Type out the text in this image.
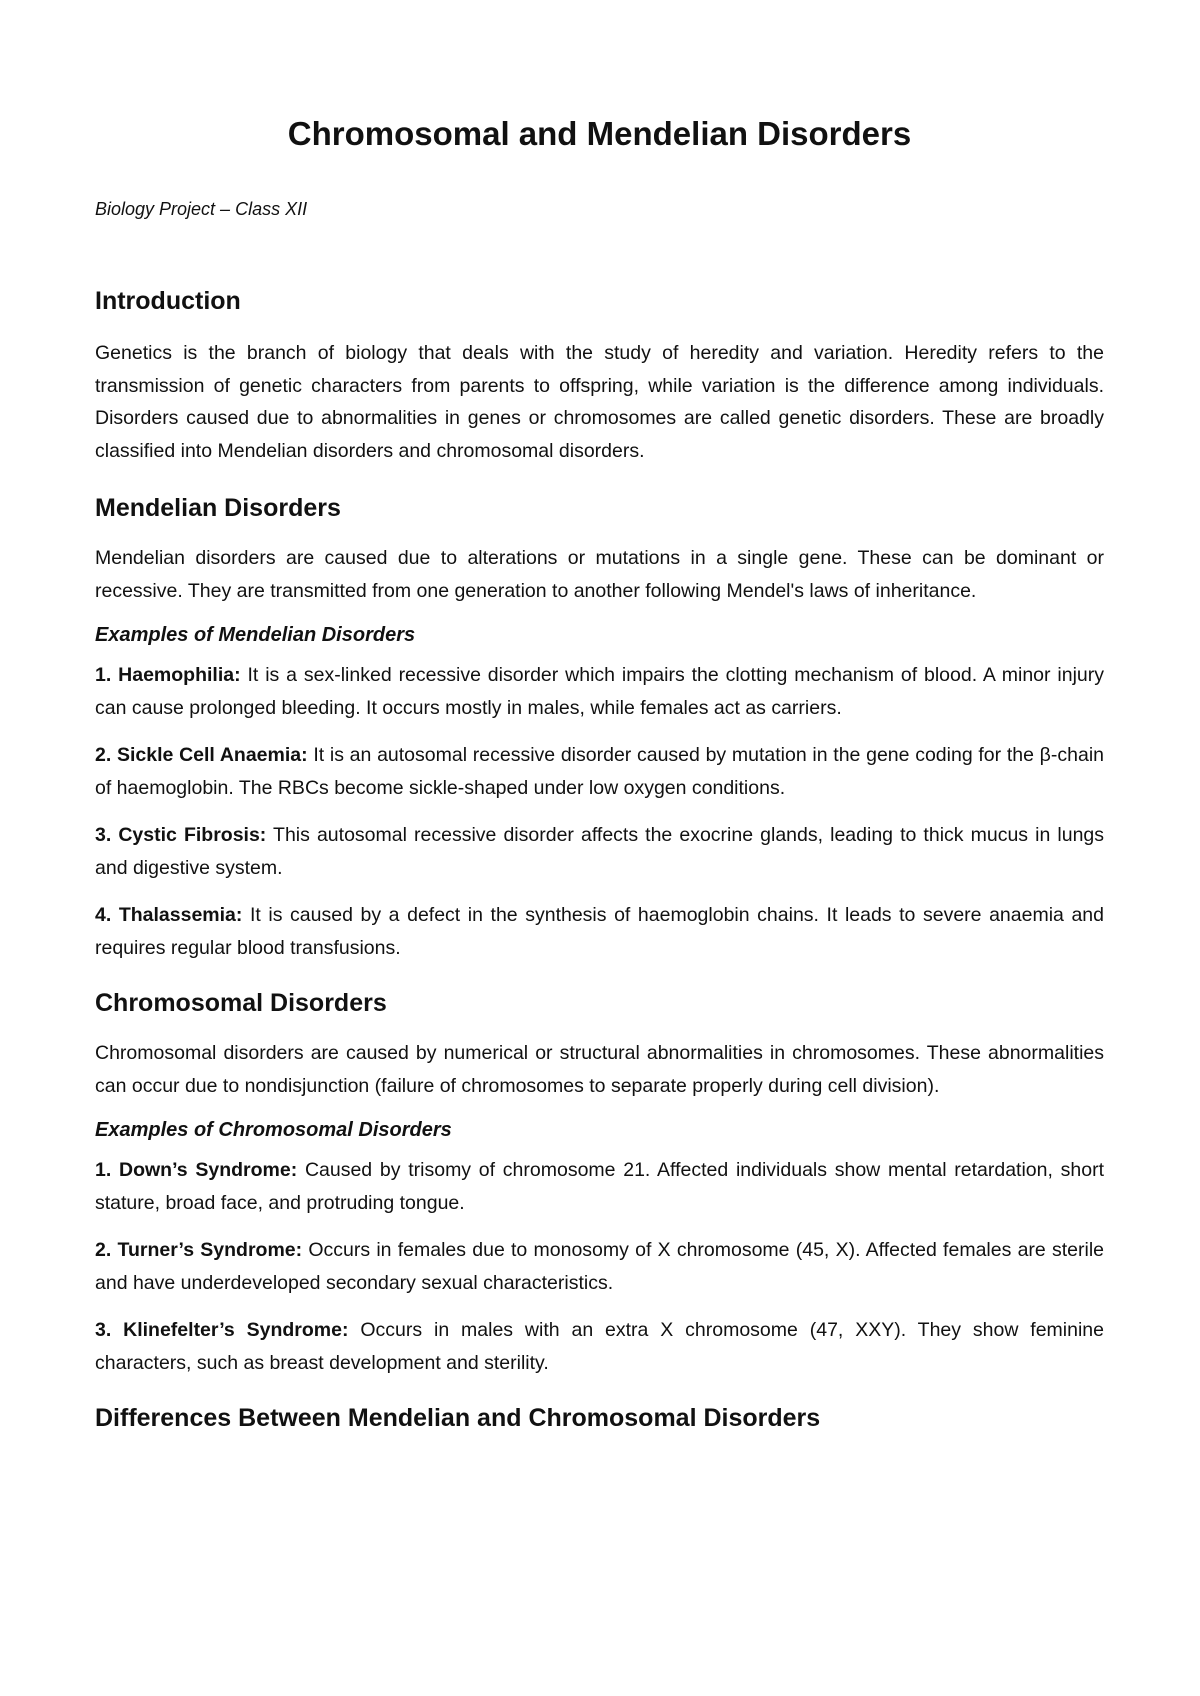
Chromosomal and Mendelian Disorders
Biology Project – Class XII
Introduction

Genetics is the branch of biology that deals with the study of heredity and variation. Heredity refers to the transmission of genetic characters from parents to offspring, while variation is the difference among individuals. Disorders caused due to abnormalities in genes or chromosomes are called genetic disorders. These are broadly classified into Mendelian disorders and chromosomal disorders.

Mendelian Disorders

Mendelian disorders are caused due to alterations or mutations in a single gene. These can be dominant or recessive. They are transmitted from one generation to another following Mendel's laws of inheritance.

Examples of Mendelian Disorders

1. Haemophilia: It is a sex-linked recessive disorder which impairs the clotting mechanism of blood. A minor injury can cause prolonged bleeding. It occurs mostly in males, while females act as carriers.

2. Sickle Cell Anaemia: It is an autosomal recessive disorder caused by mutation in the gene coding for the β-chain of haemoglobin. The RBCs become sickle-shaped under low oxygen conditions.

3. Cystic Fibrosis: This autosomal recessive disorder affects the exocrine glands, leading to thick mucus in lungs and digestive system.

4. Thalassemia: It is caused by a defect in the synthesis of haemoglobin chains. It leads to severe anaemia and requires regular blood transfusions.

Chromosomal Disorders

Chromosomal disorders are caused by numerical or structural abnormalities in chromosomes. These abnormalities can occur due to nondisjunction (failure of chromosomes to separate properly during cell division).

Examples of Chromosomal Disorders

1. Down’s Syndrome: Caused by trisomy of chromosome 21. Affected individuals show mental retardation, short stature, broad face, and protruding tongue.

2. Turner’s Syndrome: Occurs in females due to monosomy of X chromosome (45, X). Affected females are sterile and have underdeveloped secondary sexual characteristics.

3. Klinefelter’s Syndrome: Occurs in males with an extra X chromosome (47, XXY). They show feminine characters, such as breast development and sterility.

Differences Between Mendelian and Chromosomal Disorders
